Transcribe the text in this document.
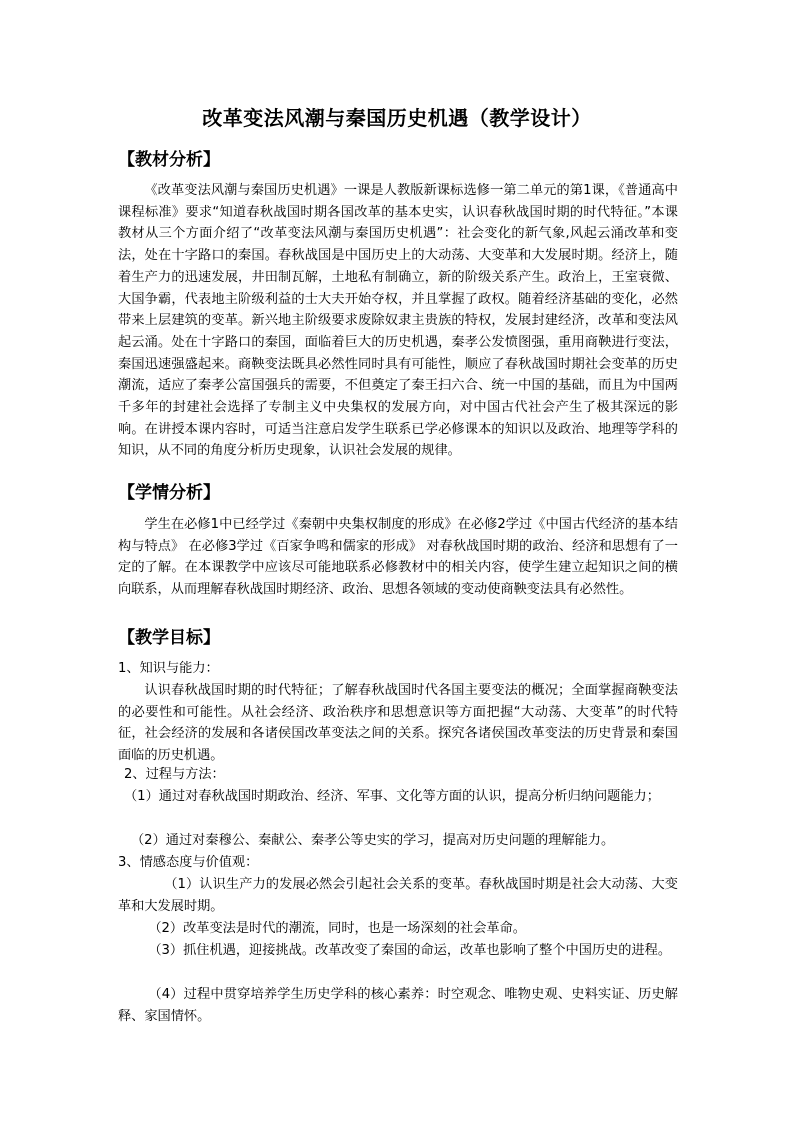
改革变法风潮与秦国历史机遇（教学设计）
【教材分析】

《改革变法风潮与秦国历史机遇》一课是人教版新课标选修一第二单元的第1课，《普通高中课程标准》要求“知道春秋战国时期各国改革的基本史实，认识春秋战国时期的时代特征。”本课教材从三个方面介绍了“改革变法风潮与秦国历史机遇”：社会变化的新气象,风起云涌改革和变法，处在十字路口的秦国。春秋战国是中国历史上的大动荡、大变革和大发展时期。经济上，随着生产力的迅速发展，井田制瓦解，土地私有制确立，新的阶级关系产生。政治上，王室衰微、大国争霸，代表地主阶级利益的士大夫开始夺权，并且掌握了政权。随着经济基础的变化，必然带来上层建筑的变革。新兴地主阶级要求废除奴隶主贵族的特权，发展封建经济，改革和变法风起云涌。处在十字路口的秦国，面临着巨大的历史机遇，秦孝公发愤图强，重用商鞅进行变法，秦国迅速强盛起来。商鞅变法既具必然性同时具有可能性，顺应了春秋战国时期社会变革的历史潮流，适应了秦孝公富国强兵的需要，不但奠定了秦王扫六合、统一中国的基础，而且为中国两千多年的封建社会选择了专制主义中央集权的发展方向，对中国古代社会产生了极其深远的影响。在讲授本课内容时，可适当注意启发学生联系已学必修课本的知识以及政治、地理等学科的知识，从不同的角度分析历史现象，认识社会发展的规律。

【学情分析】

学生在必修1中已经学过《秦朝中央集权制度的形成》在必修2学过《中国古代经济的基本结构与特点》 在必修3学过《百家争鸣和儒家的形成》 对春秋战国时期的政治、经济和思想有了一定的了解。在本课教学中应该尽可能地联系必修教材中的相关内容，使学生建立起知识之间的横向联系，从而理解春秋战国时期经济、政治、思想各领域的变动使商鞅变法具有必然性。

【教学目标】

1、知识与能力：

认识春秋战国时期的时代特征；了解春秋战国时代各国主要变法的概况；全面掌握商鞅变法的必要性和可能性。从社会经济、政治秩序和思想意识等方面把握“大动荡、大变革”的时代特征，社会经济的发展和各诸侯国改革变法之间的关系。探究各诸侯国改革变法的历史背景和秦国面临的历史机遇。

2、过程与方法：

（1）通过对春秋战国时期政治、经济、军事、文化等方面的认识，提高分析归纳问题能力；

（2）通过对秦穆公、秦献公、秦孝公等史实的学习，提高对历史问题的理解能力。

3、情感态度与价值观：

（1）认识生产力的发展必然会引起社会关系的变革。春秋战国时期是社会大动荡、大变革和大发展时期。

（2）改革变法是时代的潮流，同时，也是一场深刻的社会革命。

（3）抓住机遇，迎接挑战。改革改变了秦国的命运，改革也影响了整个中国历史的进程。

（4）过程中贯穿培养学生历史学科的核心素养：时空观念、唯物史观、史料实证、历史解释、家国情怀。
